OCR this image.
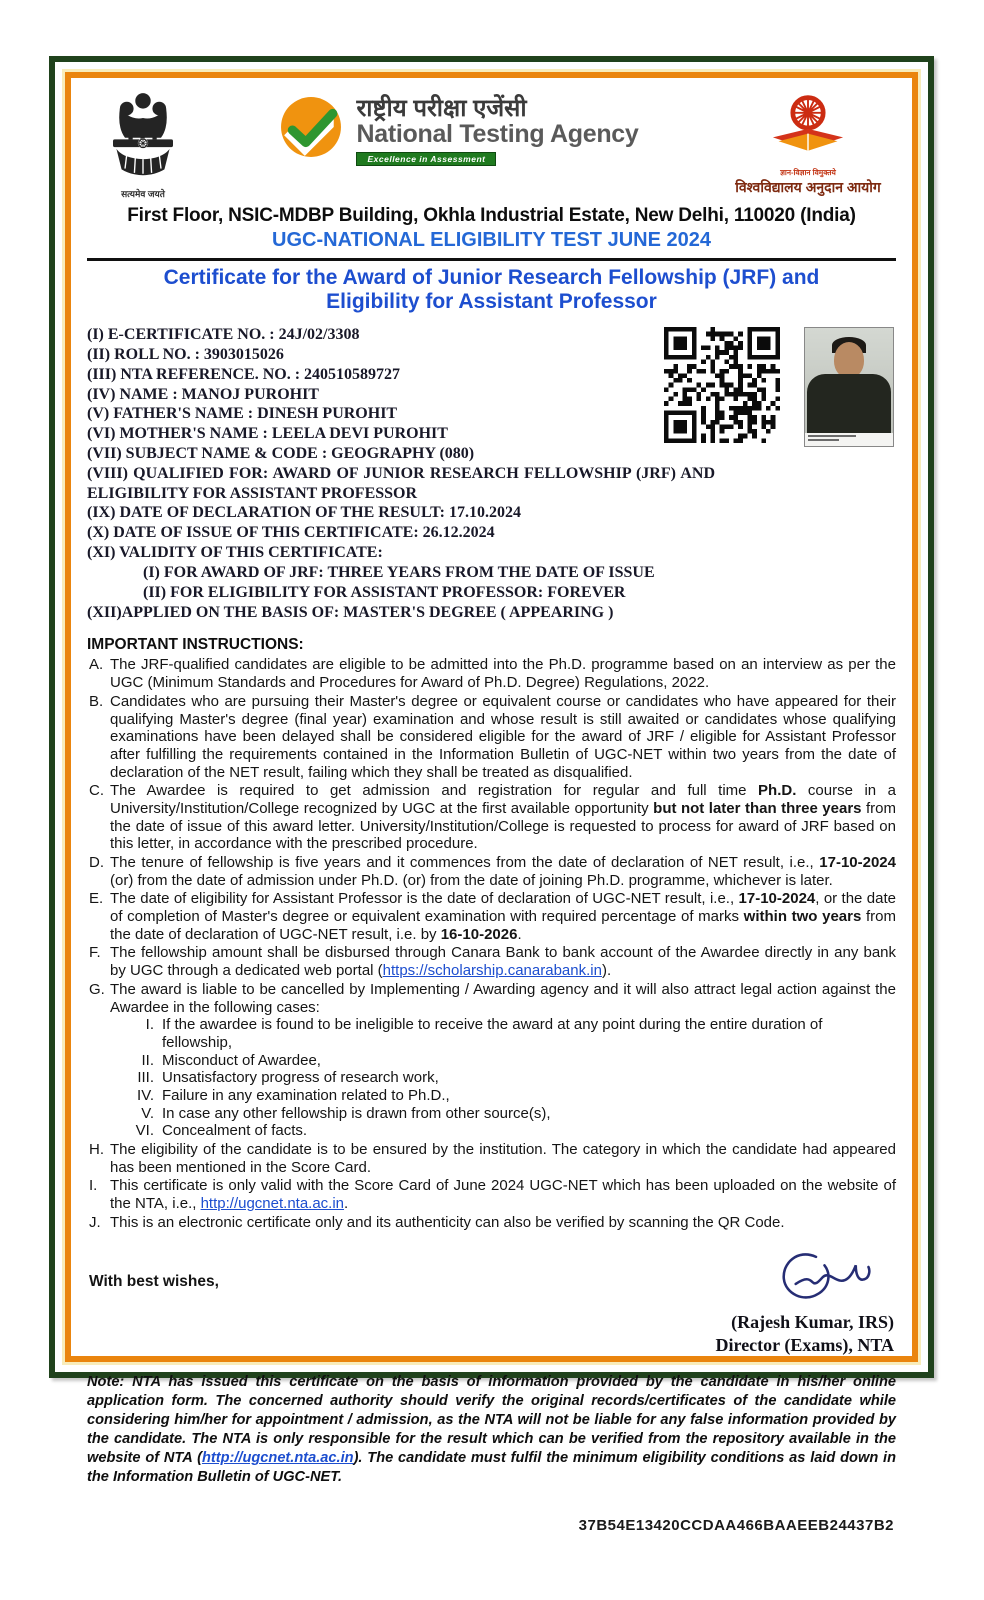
सत्यमेव जयते
राष्ट्रीय परीक्षा एजेंसी
National Testing Agency
Excellence in Assessment
ज्ञान-विज्ञान विमुक्तये
विश्वविद्यालय अनुदान आयोग
First Floor, NSIC-MDBP Building, Okhla Industrial Estate, New Delhi, 110020 (India)
UGC-NATIONAL ELIGIBILITY TEST JUNE 2024
Certificate for the Award of Junior Research Fellowship (JRF) and
Eligibility for Assistant Professor
(I) E-CERTIFICATE NO. : 24J/02/3308
(II) ROLL NO. : 3903015026
(III) NTA REFERENCE. NO. : 240510589727
(IV) NAME : MANOJ PUROHIT
(V) FATHER'S NAME : DINESH PUROHIT
(VI) MOTHER'S NAME : LEELA DEVI PUROHIT
(VII) SUBJECT NAME & CODE : GEOGRAPHY (080)
(VIII) QUALIFIED FOR: AWARD OF JUNIOR RESEARCH FELLOWSHIP (JRF) AND ELIGIBILITY FOR ASSISTANT PROFESSOR
(IX) DATE OF DECLARATION OF THE RESULT: 17.10.2024
(X) DATE OF ISSUE OF THIS CERTIFICATE: 26.12.2024
(XI) VALIDITY OF THIS CERTIFICATE:
(I) FOR AWARD OF JRF: THREE YEARS FROM THE DATE OF ISSUE
(II) FOR ELIGIBILITY FOR ASSISTANT PROFESSOR: FOREVER
(XII)APPLIED ON THE BASIS OF: MASTER'S DEGREE ( APPEARING )
IMPORTANT INSTRUCTIONS:
A. The JRF-qualified candidates are eligible to be admitted into the Ph.D. programme based on an interview as per the UGC (Minimum Standards and Procedures for Award of Ph.D. Degree) Regulations, 2022.
B. Candidates who are pursuing their Master's degree or equivalent course or candidates who have appeared for their qualifying Master's degree (final year) examination and whose result is still awaited or candidates whose qualifying examinations have been delayed shall be considered eligible for the award of JRF / eligible for Assistant Professor after fulfilling the requirements contained in the Information Bulletin of UGC-NET within two years from the date of declaration of the NET result, failing which they shall be treated as disqualified.
C. The Awardee is required to get admission and registration for regular and full time Ph.D. course in a University/Institution/College recognized by UGC at the first available opportunity but not later than three years from the date of issue of this award letter. University/Institution/College is requested to process for award of JRF based on this letter, in accordance with the prescribed procedure.
D. The tenure of fellowship is five years and it commences from the date of declaration of NET result, i.e., 17-10-2024 (or) from the date of admission under Ph.D. (or) from the date of joining Ph.D. programme, whichever is later.
E. The date of eligibility for Assistant Professor is the date of declaration of UGC-NET result, i.e., 17-10-2024, or the date of completion of Master's degree or equivalent examination with required percentage of marks within two years from the date of declaration of UGC-NET result, i.e. by 16-10-2026.
F. The fellowship amount shall be disbursed through Canara Bank to bank account of the Awardee directly in any bank by UGC through a dedicated web portal (https://scholarship.canarabank.in).
G. The award is liable to be cancelled by Implementing / Awarding agency and it will also attract legal action against the Awardee in the following cases:
I. If the awardee is found to be ineligible to receive the award at any point during the entire duration of fellowship,
II. Misconduct of Awardee,
III. Unsatisfactory progress of research work,
IV. Failure in any examination related to Ph.D.,
V. In case any other fellowship is drawn from other source(s),
VI. Concealment of facts.
H. The eligibility of the candidate is to be ensured by the institution. The category in which the candidate had appeared has been mentioned in the Score Card.
I. This certificate is only valid with the Score Card of June 2024 UGC-NET which has been uploaded on the website of the NTA, i.e., http://ugcnet.nta.ac.in.
J. This is an electronic certificate only and its authenticity can also be verified by scanning the QR Code.
With best wishes,
(Rajesh Kumar, IRS)
Director (Exams), NTA
Note: NTA has issued this certificate on the basis of information provided by the candidate in his/her online application form. The concerned authority should verify the original records/certificates of the candidate while considering him/her for appointment / admission, as the NTA will not be liable for any false information provided by the candidate. The NTA is only responsible for the result which can be verified from the repository available in the website of NTA (http://ugcnet.nta.ac.in). The candidate must fulfil the minimum eligibility conditions as laid down in the Information Bulletin of UGC-NET.
37B54E13420CCDAA466BAAEEB24437B2
